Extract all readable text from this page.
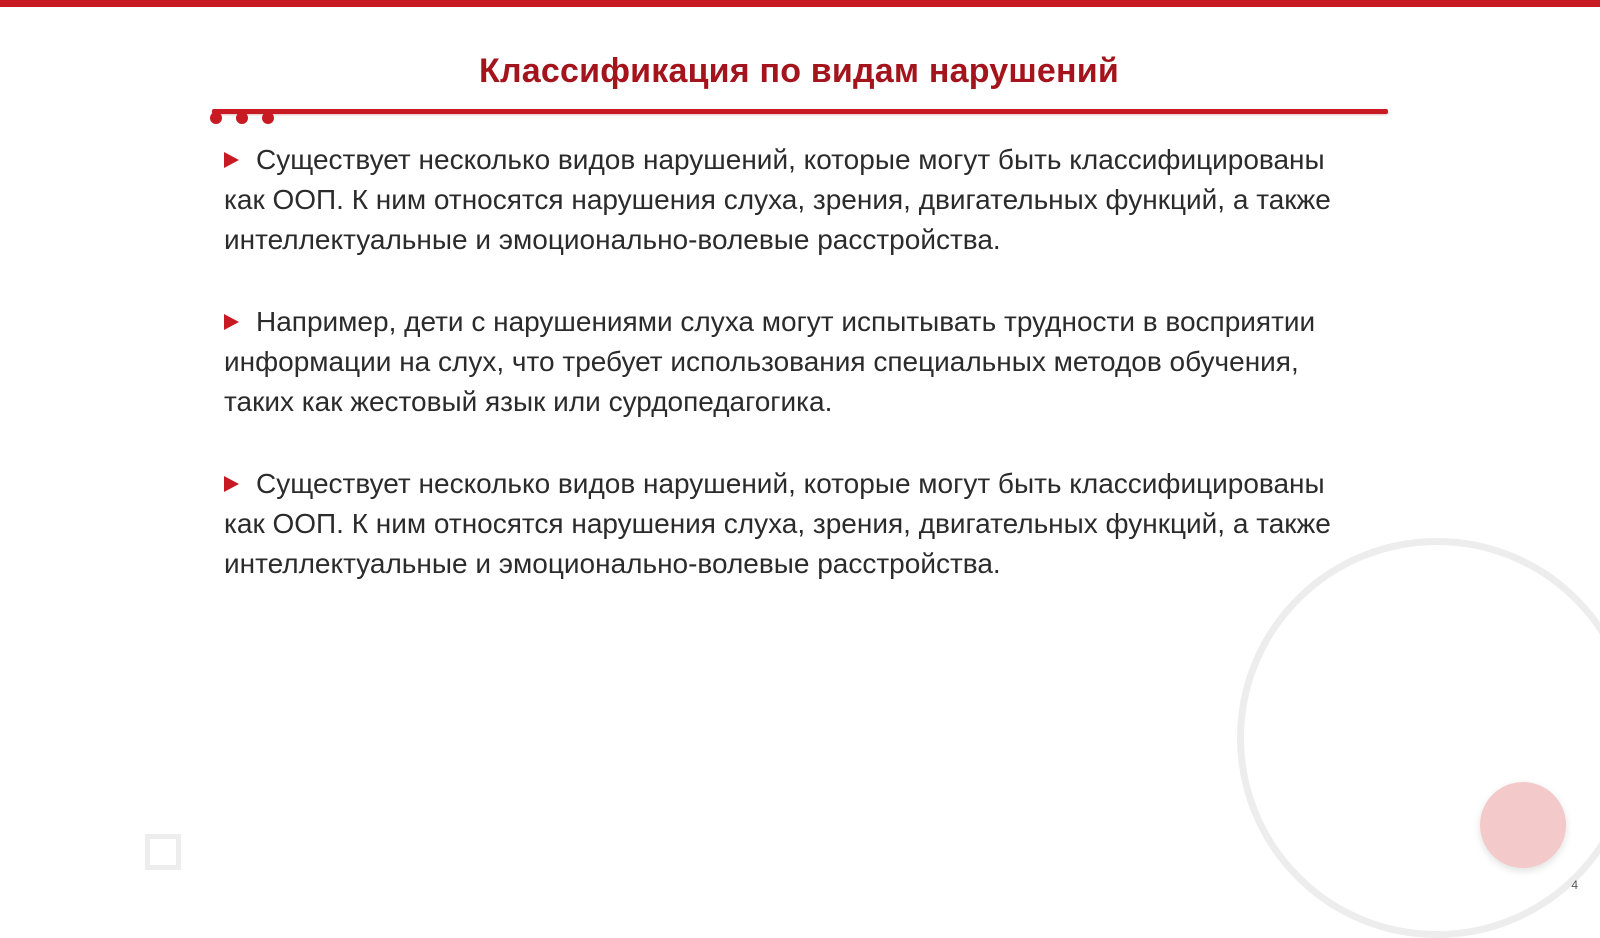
Классификация по видам нарушений

Существует несколько видов нарушений, которые могут быть классифицированы как ООП. К ним относятся нарушения слуха, зрения, двигательных функций, а также интеллектуальные и эмоционально-волевые расстройства.

Например, дети с нарушениями слуха могут испытывать трудности в восприятии информации на слух, что требует использования специальных методов обучения, таких как жестовый язык или сурдопедагогика.

Существует несколько видов нарушений, которые могут быть классифицированы как ООП. К ним относятся нарушения слуха, зрения, двигательных функций, а также интеллектуальные и эмоционально-волевые расстройства.

4
